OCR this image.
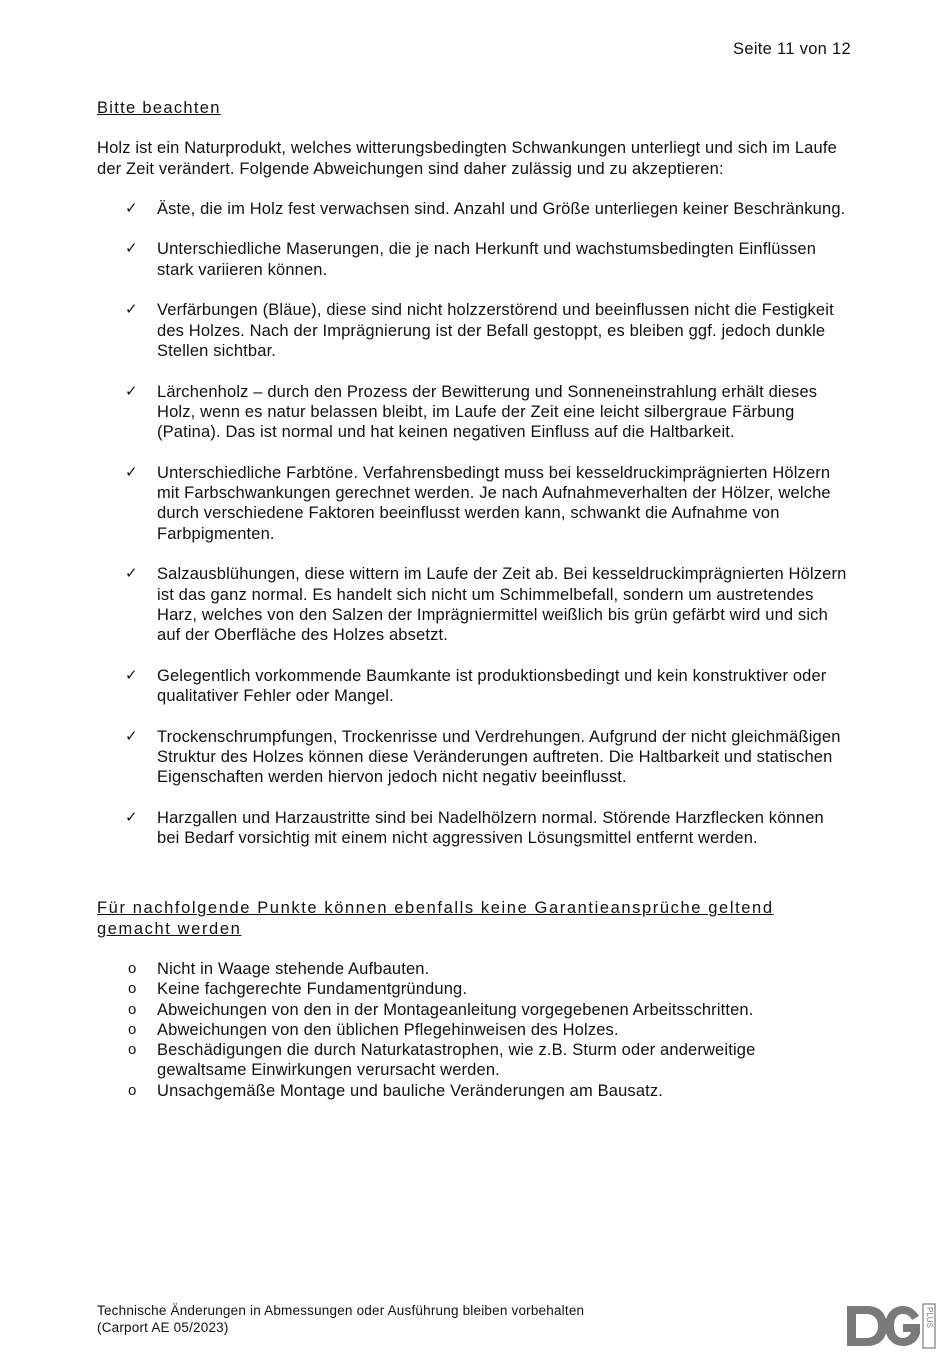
Seite 11 von 12
Bitte beachten

Holz ist ein Naturprodukt, welches witterungsbedingten Schwankungen unterliegt und sich im Laufe der Zeit verändert. Folgende Abweichungen sind daher zulässig und zu akzeptieren:

✓ Äste, die im Holz fest verwachsen sind. Anzahl und Größe unterliegen keiner Beschränkung.
✓ Unterschiedliche Maserungen, die je nach Herkunft und wachstumsbedingten Einflüssen stark variieren können.
✓ Verfärbungen (Bläue), diese sind nicht holzzerstörend und beeinflussen nicht die Festigkeit des Holzes. Nach der Imprägnierung ist der Befall gestoppt, es bleiben ggf. jedoch dunkle Stellen sichtbar.
✓ Lärchenholz – durch den Prozess der Bewitterung und Sonneneinstrahlung erhält dieses Holz, wenn es natur belassen bleibt, im Laufe der Zeit eine leicht silbergraue Färbung (Patina). Das ist normal und hat keinen negativen Einfluss auf die Haltbarkeit.
✓ Unterschiedliche Farbtöne. Verfahrensbedingt muss bei kesseldruckimprägnierten Hölzern mit Farbschwankungen gerechnet werden. Je nach Aufnahmeverhalten der Hölzer, welche durch verschiedene Faktoren beeinflusst werden kann, schwankt die Aufnahme von Farbpigmenten.
✓ Salzausblühungen, diese wittern im Laufe der Zeit ab. Bei kesseldruckimprägnierten Hölzern ist das ganz normal. Es handelt sich nicht um Schimmelbefall, sondern um austretendes Harz, welches von den Salzen der Imprägniermittel weißlich bis grün gefärbt wird und sich auf der Oberfläche des Holzes absetzt.
✓ Gelegentlich vorkommende Baumkante ist produktionsbedingt und kein konstruktiver oder qualitativer Fehler oder Mangel.
✓ Trockenschrumpfungen, Trockenrisse und Verdrehungen. Aufgrund der nicht gleichmäßigen Struktur des Holzes können diese Veränderungen auftreten. Die Haltbarkeit und statischen Eigenschaften werden hiervon jedoch nicht negativ beeinflusst.
✓ Harzgallen und Harzaustritte sind bei Nadelhölzern normal. Störende Harzflecken können bei Bedarf vorsichtig mit einem nicht aggressiven Lösungsmittel entfernt werden.
Für nachfolgende Punkte können ebenfalls keine Garantieansprüche geltend gemacht werden
o Nicht in Waage stehende Aufbauten.
o Keine fachgerechte Fundamentgründung.
o Abweichungen von den in der Montageanleitung vorgegebenen Arbeitsschritten.
o Abweichungen von den üblichen Pflegehinweisen des Holzes.
o Beschädigungen die durch Naturkatastrophen, wie z.B. Sturm oder anderweitige gewaltsame Einwirkungen verursacht werden.
o Unsachgemäße Montage und bauliche Veränderungen am Bausatz.
Technische Änderungen in Abmessungen oder Ausführung bleiben vorbehalten
(Carport AE 05/2023)	PLUS
